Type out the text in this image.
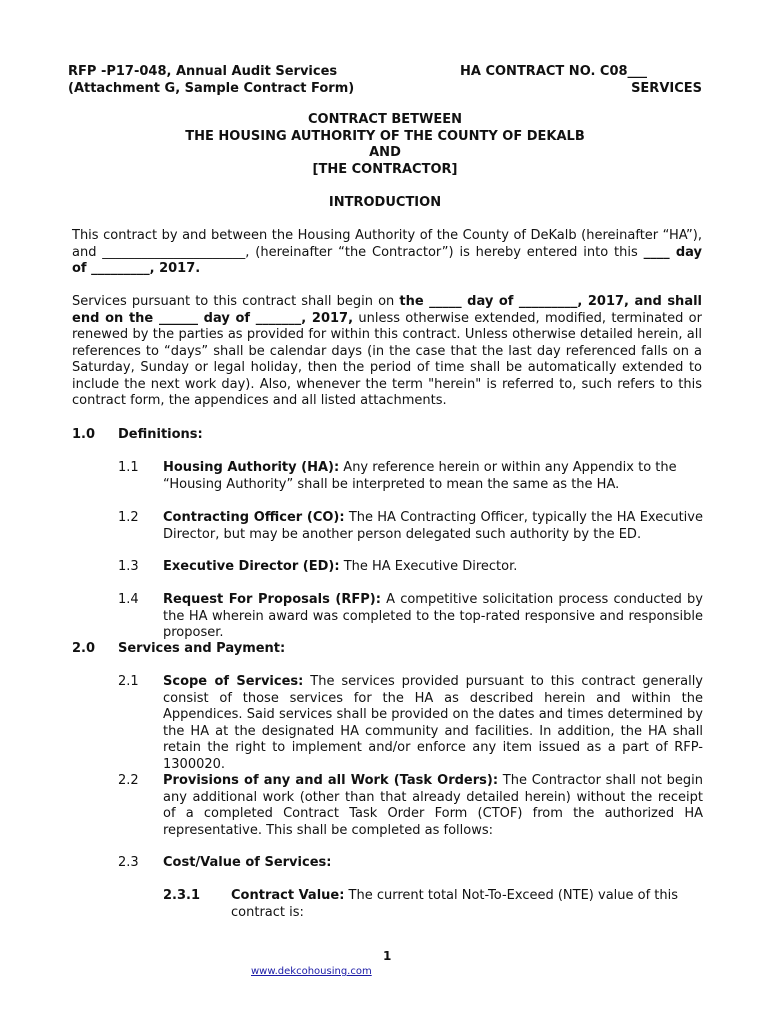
RFP -P17-048, Annual Audit Services
(Attachment G, Sample Contract Form)
HA CONTRACT NO. C08___
SERVICES
CONTRACT BETWEEN
THE HOUSING AUTHORITY OF THE COUNTY OF DEKALB
AND
[THE CONTRACTOR]
INTRODUCTION
This contract by and between the Housing Authority of the County of DeKalb (hereinafter “HA”), and ______________________, (hereinafter “the Contractor”) is hereby entered into this ____ day of _________, 2017.
Services pursuant to this contract shall begin on the _____ day of _________, 2017, and shall end on the ______ day of _______, 2017, unless otherwise extended, modified, terminated or renewed by the parties as provided for within this contract. Unless otherwise detailed herein, all references to “days” shall be calendar days (in the case that the last day referenced falls on a Saturday, Sunday or legal holiday, then the period of time shall be automatically extended to include the next work day). Also, whenever the term "herein" is referred to, such refers to this contract form, the appendices and all listed attachments.
1.0 Definitions:
1.1 Housing Authority (HA): Any reference herein or within any Appendix to the “Housing Authority” shall be interpreted to mean the same as the HA.
1.2 Contracting Officer (CO): The HA Contracting Officer, typically the HA Executive Director, but may be another person delegated such authority by the ED.
1.3 Executive Director (ED): The HA Executive Director.
1.4 Request For Proposals (RFP): A competitive solicitation process conducted by the HA wherein award was completed to the top-rated responsive and responsible proposer.
2.0 Services and Payment:
2.1 Scope of Services: The services provided pursuant to this contract generally consist of those services for the HA as described herein and within the Appendices. Said services shall be provided on the dates and times determined by the HA at the designated HA community and facilities. In addition, the HA shall retain the right to implement and/or enforce any item issued as a part of RFP-1300020.
2.2 Provisions of any and all Work (Task Orders): The Contractor shall not begin any additional work (other than that already detailed herein) without the receipt of a completed Contract Task Order Form (CTOF) from the authorized HA representative. This shall be completed as follows:
2.3 Cost/Value of Services:
2.3.1 Contract Value: The current total Not-To-Exceed (NTE) value of this contract is:
1
www.dekcohousing.com
